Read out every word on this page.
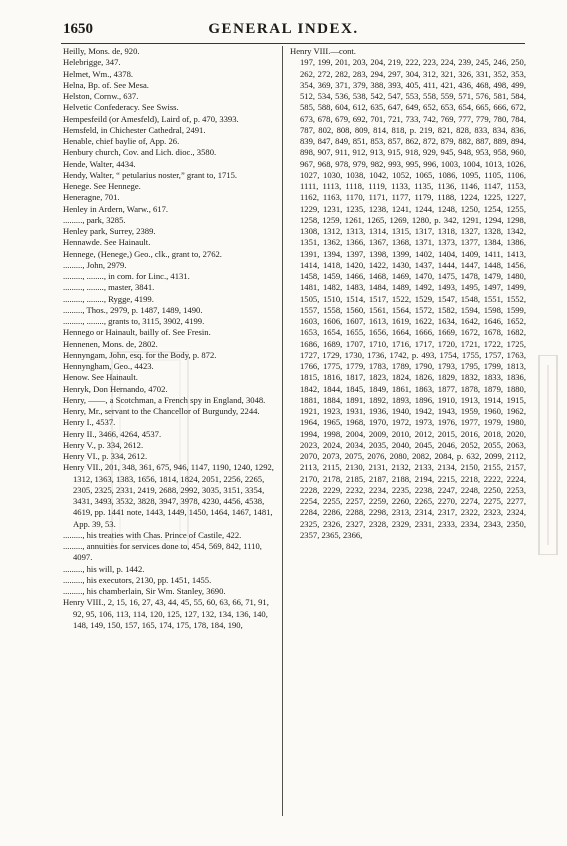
1650	GENERAL INDEX.
Heilly, Mons. de, 920.
Helebrigge, 347.
Helmet, Wm., 4378.
Helna, Bp. of. See Mesa.
Helston, Cornw., 637.
Helvetic Confederacy. See Swiss.
Hempesfeild (or Amesfeld), Laird of, p. 470, 3393.
Hemsfeld, in Chichester Cathedral, 2491.
Henable, chief baylie of, App. 26.
Henbury church, Cov. and Lich. dioc., 3580.
Hende, Walter, 4434.
Hendy, Walter, “ petularius noster,” grant to, 1715.
Henege. See Hennege.
Heneragne, 701.
Henley in Ardern, Warw., 617.
........., park, 3285.
Henley park, Surrey, 2389.
Hennawde. See Hainault.
Hennege, (Henege,) Geo., clk., grant to, 2762.
........., John, 2979.
........., ........, in com. for Linc., 4131.
........., ........, master, 3841.
........., ........, Rygge, 4199.
........., Thos., 2979, p. 1487, 1489, 1490.
........., ........, grants to, 3115, 3902, 4199.
Hennego or Hainault, bailly of. See Fresin.
Hennenen, Mons. de, 2802.
Hennyngam, John, esq. for the Body, p. 872.
Hennyngham, Geo., 4423.
Henow. See Hainault.
Henryk, Don Hernando, 4702.
Henry, ——, a Scotchman, a French spy in England, 3048.
Henry, Mr., servant to the Chancellor of Burgundy, 2244.
Henry I., 4537.
Henry II., 3466, 4264, 4537.
Henry V., p. 334, 2612.
Henry VI., p. 334, 2612.
Henry VII., 201, 348, 361, 675, 946, 1147, 1190, 1240, 1292, 1312, 1363, 1383, 1656, 1814, 1824, 2051, 2256, 2265, 2305, 2325, 2331, 2419, 2688, 2992, 3035, 3151, 3354, 3431, 3493, 3532, 3828, 3947, 3978, 4230, 4456, 4538, 4619, pp. 1441 note, 1443, 1449, 1450, 1464, 1467, 1481, App. 39, 53.
........., his treaties with Chas. Prince of Castile, 422.
........., annuities for services done to, 454, 569, 842, 1110, 4097.
........., his will, p. 1442.
........., his executors, 2130, pp. 1451, 1455.
........., his chamberlain, Sir Wm. Stanley, 3690.
Henry VIII., 2, 15, 16, 27, 43, 44, 45, 55, 60, 63, 66, 71, 91, 92, 95, 106, 113, 114, 120, 125, 127, 132, 134, 136, 140, 148, 149, 150, 157, 165, 174, 175, 178, 184, 190,
Henry VIII.—cont.
197, 199, 201, 203, 204, 219, 222, 223, 224, 239, 245, 246, 250, 262, 272, 282, 283, 294, 297, 304, 312, 321, 326, 331, 352, 353, 354, 369, 371, 379, 388, 393, 405, 411, 421, 436, 468, 498, 499, 512, 534, 536, 538, 542, 547, 553, 558, 559, 571, 576, 581, 584, 585, 588, 604, 612, 635, 647, 649, 652, 653, 654, 665, 666, 672, 673, 678, 679, 692, 701, 721, 733, 742, 769, 777, 779, 780, 784, 787, 802, 808, 809, 814, 818, p. 219, 821, 828, 833, 834, 836, 839, 847, 849, 851, 853, 857, 862, 872, 879, 882, 887, 889, 894, 898, 907, 911, 912, 913, 915, 918, 929, 945, 948, 953, 958, 960, 967, 968, 978, 979, 982, 993, 995, 996, 1003, 1004, 1013, 1026, 1027, 1030, 1038, 1042, 1052, 1065, 1086, 1095, 1105, 1106, 1111, 1113, 1118, 1119, 1133, 1135, 1136, 1146, 1147, 1153, 1162, 1163, 1170, 1171, 1177, 1179, 1188, 1224, 1225, 1227, 1229, 1231, 1235, 1238, 1241, 1244, 1248, 1250, 1254, 1255, 1258, 1259, 1261, 1265, 1269, 1280, p. 342, 1291, 1294, 1298, 1308, 1312, 1313, 1314, 1315, 1317, 1318, 1327, 1328, 1342, 1351, 1362, 1366, 1367, 1368, 1371, 1373, 1377, 1384, 1386, 1391, 1394, 1397, 1398, 1399, 1402, 1404, 1409, 1411, 1413, 1414, 1418, 1420, 1422, 1430, 1437, 1444, 1447, 1448, 1456, 1458, 1459, 1466, 1468, 1469, 1470, 1475, 1478, 1479, 1480, 1481, 1482, 1483, 1484, 1489, 1492, 1493, 1495, 1497, 1499, 1505, 1510, 1514, 1517, 1522, 1529, 1547, 1548, 1551, 1552, 1557, 1558, 1560, 1561, 1564, 1572, 1582, 1594, 1598, 1599, 1603, 1606, 1607, 1613, 1619, 1622, 1634, 1642, 1646, 1652, 1653, 1654, 1655, 1656, 1664, 1666, 1669, 1672, 1678, 1682, 1686, 1689, 1707, 1710, 1716, 1717, 1720, 1721, 1722, 1725, 1727, 1729, 1730, 1736, 1742, p. 493, 1754, 1755, 1757, 1763, 1766, 1775, 1779, 1783, 1789, 1790, 1793, 1795, 1799, 1813, 1815, 1816, 1817, 1823, 1824, 1826, 1829, 1832, 1833, 1836, 1842, 1844, 1845, 1849, 1861, 1863, 1877, 1878, 1879, 1880, 1881, 1884, 1891, 1892, 1893, 1896, 1910, 1913, 1914, 1915, 1921, 1923, 1931, 1936, 1940, 1942, 1943, 1959, 1960, 1962, 1964, 1965, 1968, 1970, 1972, 1973, 1976, 1977, 1979, 1980, 1994, 1998, 2004, 2009, 2010, 2012, 2015, 2016, 2018, 2020, 2023, 2024, 2034, 2035, 2040, 2045, 2046, 2052, 2055, 2063, 2070, 2073, 2075, 2076, 2080, 2082, 2084, p. 632, 2099, 2112, 2113, 2115, 2130, 2131, 2132, 2133, 2134, 2150, 2155, 2157, 2170, 2178, 2185, 2187, 2188, 2194, 2215, 2218, 2222, 2224, 2228, 2229, 2232, 2234, 2235, 2238, 2247, 2248, 2250, 2253, 2254, 2255, 2257, 2259, 2260, 2265, 2270, 2274, 2275, 2277, 2284, 2286, 2288, 2298, 2313, 2314, 2317, 2322, 2323, 2324, 2325, 2326, 2327, 2328, 2329, 2331, 2333, 2334, 2343, 2350, 2357, 2365, 2366,
